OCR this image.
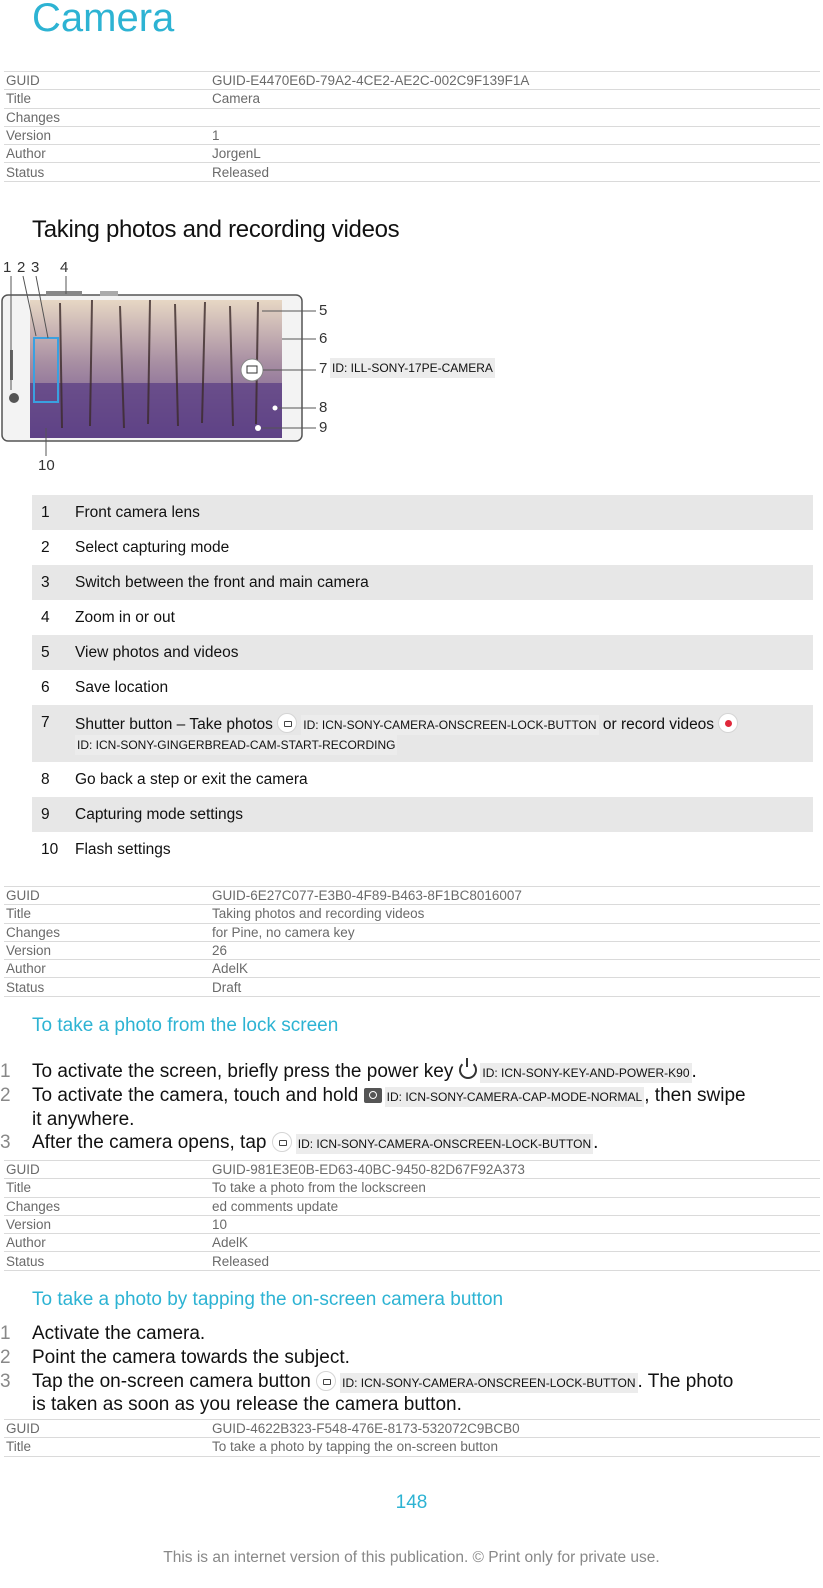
Camera
GUID	GUID-E4470E6D-79A2-4CE2-AE2C-002C9F139F1A
Title	Camera
Changes	
Version	1
Author	JorgenL
Status	Released
Taking photos and recording videos
1 2 3 4
5
6
7 ID: ILL-SONY-17PE-CAMERA
8
9
10
1	Front camera lens
2	Select capturing mode
3	Switch between the front and main camera
4	Zoom in or out
5	View photos and videos
6	Save location
7	Shutter button – Take photos ID: ICN-SONY-CAMERA-ONSCREEN-LOCK-BUTTON or record videos ID: ICN-SONY-GINGERBREAD-CAM-START-RECORDING
8	Go back a step or exit the camera
9	Capturing mode settings
10	Flash settings
GUID	GUID-6E27C077-E3B0-4F89-B463-8F1BC8016007
Title	Taking photos and recording videos
Changes	for Pine, no camera key
Version	26
Author	AdelK
Status	Draft
To take a photo from the lock screen
1 To activate the screen, briefly press the power key ID: ICN-SONY-KEY-AND-POWER-K90 .
2 To activate the camera, touch and hold ID: ICN-SONY-CAMERA-CAP-MODE-NORMAL , then swipe it anywhere.
3 After the camera opens, tap	ID: ICN-SONY-CAMERA-ONSCREEN-LOCK-BUTTON .
GUID	GUID-981E3E0B-ED63-40BC-9450-82D67F92A373
Title	To take a photo from the lockscreen
Changes	ed comments update
Version	10
Author	AdelK
Status	Released
To take a photo by tapping the on-screen camera button
1 Activate the camera.
2 Point the camera towards the subject.
3 Tap the on-screen camera button	ID: ICN-SONY-CAMERA-ONSCREEN-LOCK-BUTTON . The photo is taken as soon as you release the camera button.
GUID	GUID-4622B323-F548-476E-8173-532072C9BCB0
Title	To take a photo by tapping the on-screen button
148
This is an internet version of this publication. © Print only for private use.
